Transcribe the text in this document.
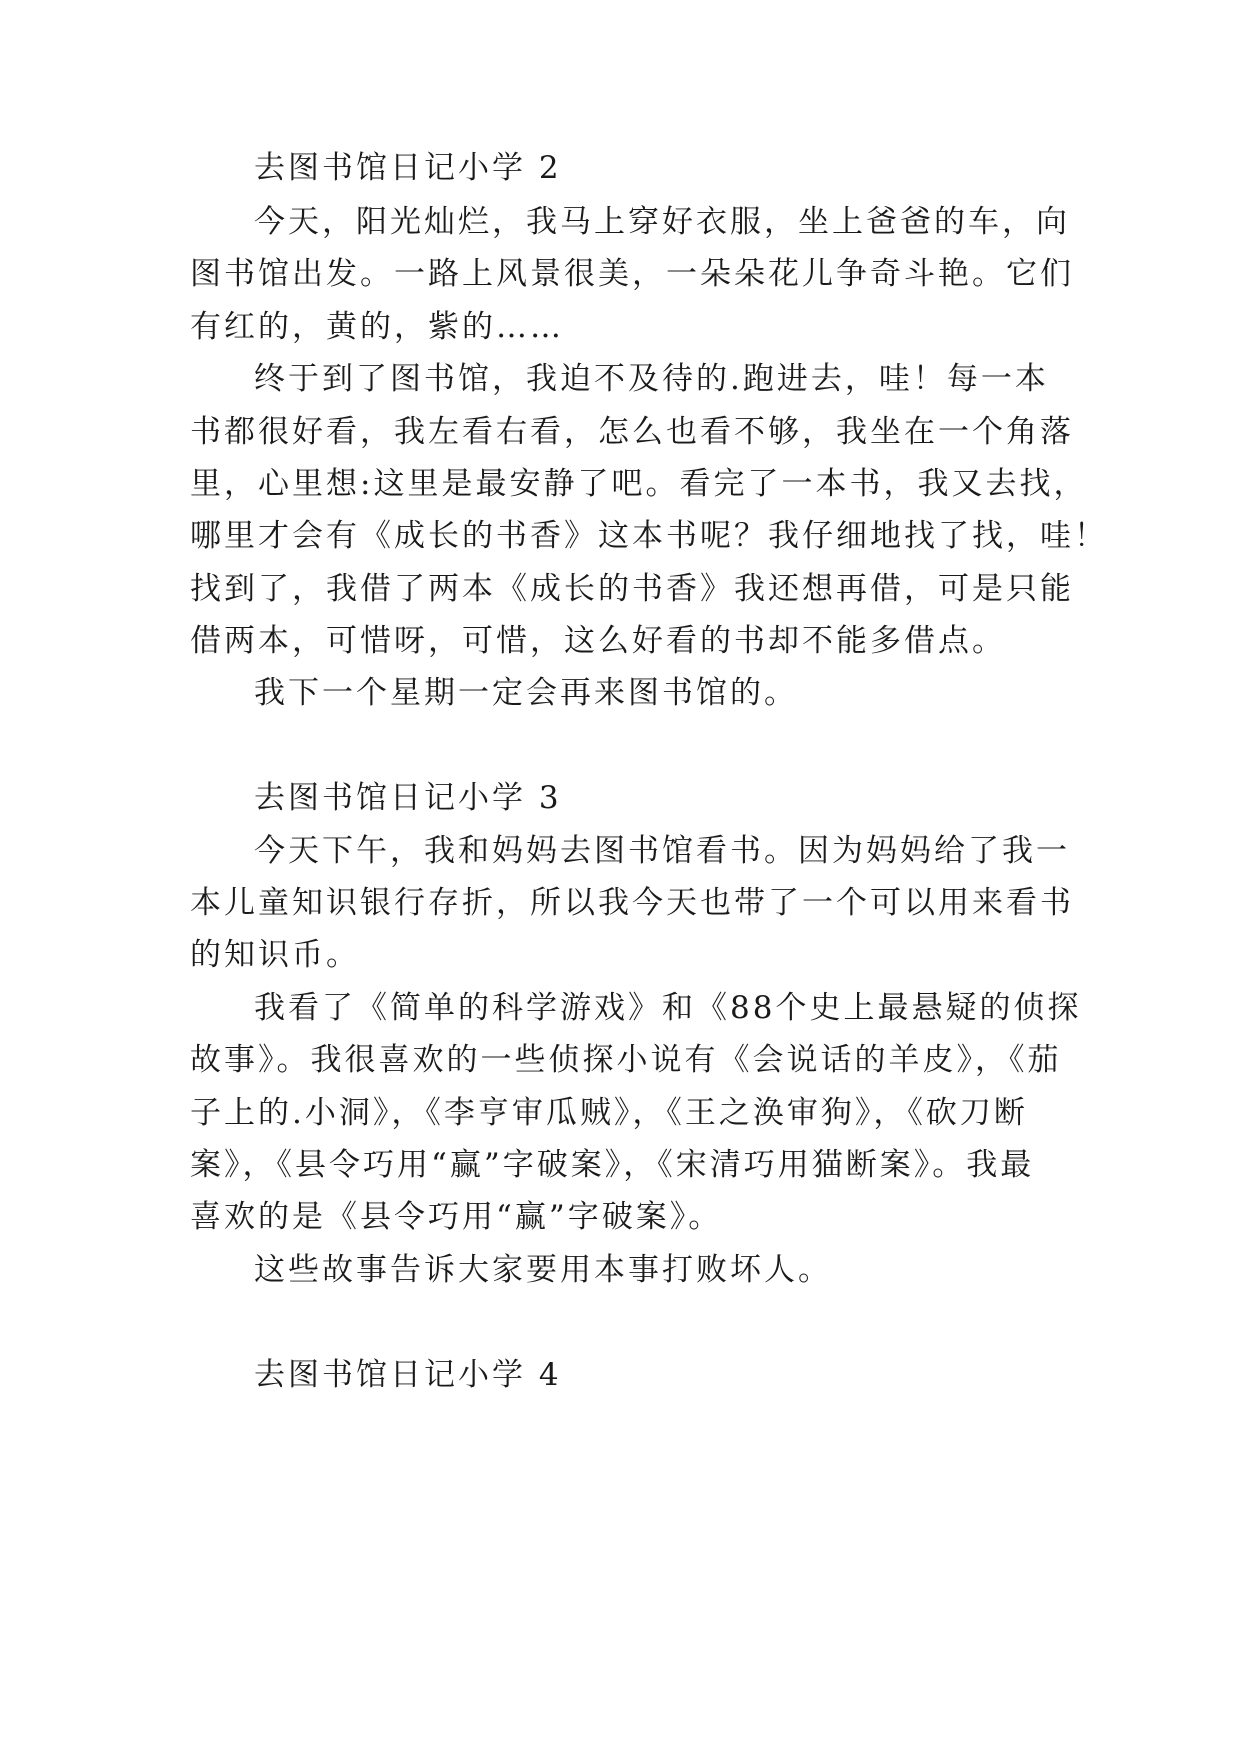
去图书馆日记小学 2
今天，阳光灿烂，我马上穿好衣服，坐上爸爸的车，向
图书馆出发。一路上风景很美，一朵朵花儿争奇斗艳。它们
有红的，黄的，紫的……
终于到了图书馆，我迫不及待的.跑进去，哇！每一本
书都很好看，我左看右看，怎么也看不够，我坐在一个角落
里，心里想:这里是最安静了吧。看完了一本书，我又去找，
哪里才会有《成长的书香》这本书呢？我仔细地找了找，哇！
找到了，我借了两本《成长的书香》我还想再借，可是只能
借两本，可惜呀，可惜，这么好看的书却不能多借点。
我下一个星期一定会再来图书馆的。
去图书馆日记小学 3
今天下午，我和妈妈去图书馆看书。因为妈妈给了我一
本儿童知识银行存折，所以我今天也带了一个可以用来看书
的知识币。
我看了《简单的科学游戏》和《88个史上最悬疑的侦探
故事》。我很喜欢的一些侦探小说有《会说话的羊皮》，《茄
子上的.小洞》，《李亨审瓜贼》，《王之涣审狗》，《砍刀断
案》，《县令巧用“赢”字破案》，《宋清巧用猫断案》。我最
喜欢的是《县令巧用“赢”字破案》。
这些故事告诉大家要用本事打败坏人。
去图书馆日记小学 4
